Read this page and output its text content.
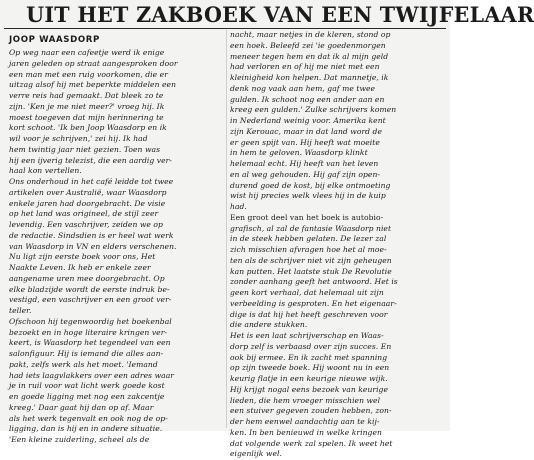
UIT HET ZAKBOEK VAN EEN TWIJFELAAR
JOOP WAASDORP
Op weg naar een cafeetje werd ik enige
jaren geleden op straat aangesproken door
een man met een ruig voorkomen, die er
uitzag alsof hij met beperkte middelen een
verre reis had gemaakt. Dat bleek zo te
zijn. 'Ken je me niet meer?' vroeg hij. Ik
moest toegeven dat mijn herinnering te
kort schoot. 'Ik ben Joop Waasdorp en ik
wil voor je schrijven,' zei hij. Ik had
hem twintig jaar niet gezien. Toen was
hij een ijverig telezist, die een aardig ver-
haal kon vertellen.
Ons onderhoud in het café leidde tot twee
artikelen over Australië, waar Waasdorp
enkele jaren had doorgebracht. De visie
op het land was origineel, de stijl zeer
levendig. Een vaschrijver, zeiden we op
de redactie. Sindsdien is er heel wat werk
van Waasdorp in VN en elders verschenen.
Nu ligt zijn eerste boek voor ons, Het
Naakte Leven. Ik heb er enkele zeer
aangename uren mee doorgebracht. Op
elke bladzijde wordt de eerste indruk be-
vestigd, een vaschrijver en een groot ver-
teller.
Ofschoon hij tegenwoordig het boekenbal
bezoekt en in hoge literaire kringen ver-
keert, is Waasdorp het tegendeel van een
salonfiguur. Hij is iemand die alles aan-
pakt, zelfs werk als het moet. 'Iemand
had iets laagvlakkers over een adres waar
je in ruil voor wat licht werk goede kost
en goede ligging met nog een zakcentje
kreeg.' Daar gaat hij dan op af. Maar
als het werk tegenvalt en ook nog de op-
ligging, dan is hij en in andere situatie.
'Een kleine zuiderling, scheel als de
nacht, maar netjes in de kleren, stond op
een hoek. Beleefd zei 'ie goedenmorgen
meneer tegen hem en dat ik al mijn geld
had verloren en of hij me niet met een
kleinigheid kon helpen. Dat mannetje, ik
denk nog vaak aan hem, gaf me twee
gulden. Ik schoot nog een ander aan en
kreeg een gulden.' Zulke schrijvers komen
in Nederland weinig voor. Amerika kent
zijn Kerouac, maar in dat land word de
er geen spijt van. Hij heeft wat moeite
in hem te geloven. Waasdorp klinkt
helemaal echt. Hij heeft van het leven
en al weg gehouden. Hij gaf zijn open-
durend goed de kost, bij elke ontmoeting
wist hij precies welk vlees hij in de kuip
had.
Een groot deel van het boek is autobio-
grafisch, al zal de fantasie Waasdorp niet
in de steek hebben gelaten. De lezer zal
zich misschien afvragen hoe het al moe-
ten als de schrijver niet vit zijn geheugen
kan putten. Het laatste stuk De Revolutie
zonder aanhang geeft het antwoord. Het is
geen kort verhaal, dat helemaal uit zijn
verbeelding is gesproten. En het eigenaar-
dige is dat hij het heeft geschreven voor
die andere stukken.
Het is een laat schrijverschap en Waas-
dorp zelf is verbaasd over zijn succes. En
ook bij ermee. En ik zacht met spanning
op zijn tweede boek. Hij woont nu in een
keurig flatje in een keurige nieuwe wijk.
Hij krijgt nogal eens bezoek van keurige
lieden, die hem vroeger misschien wel
een stuiver gegeven zouden hebben, zon-
der hem eenwel aandachtig aan te kij-
ken. In ben benieuwd in welke kringen
dat volgende werk zal spelen. Ik weet het
eigenlijk wel.
